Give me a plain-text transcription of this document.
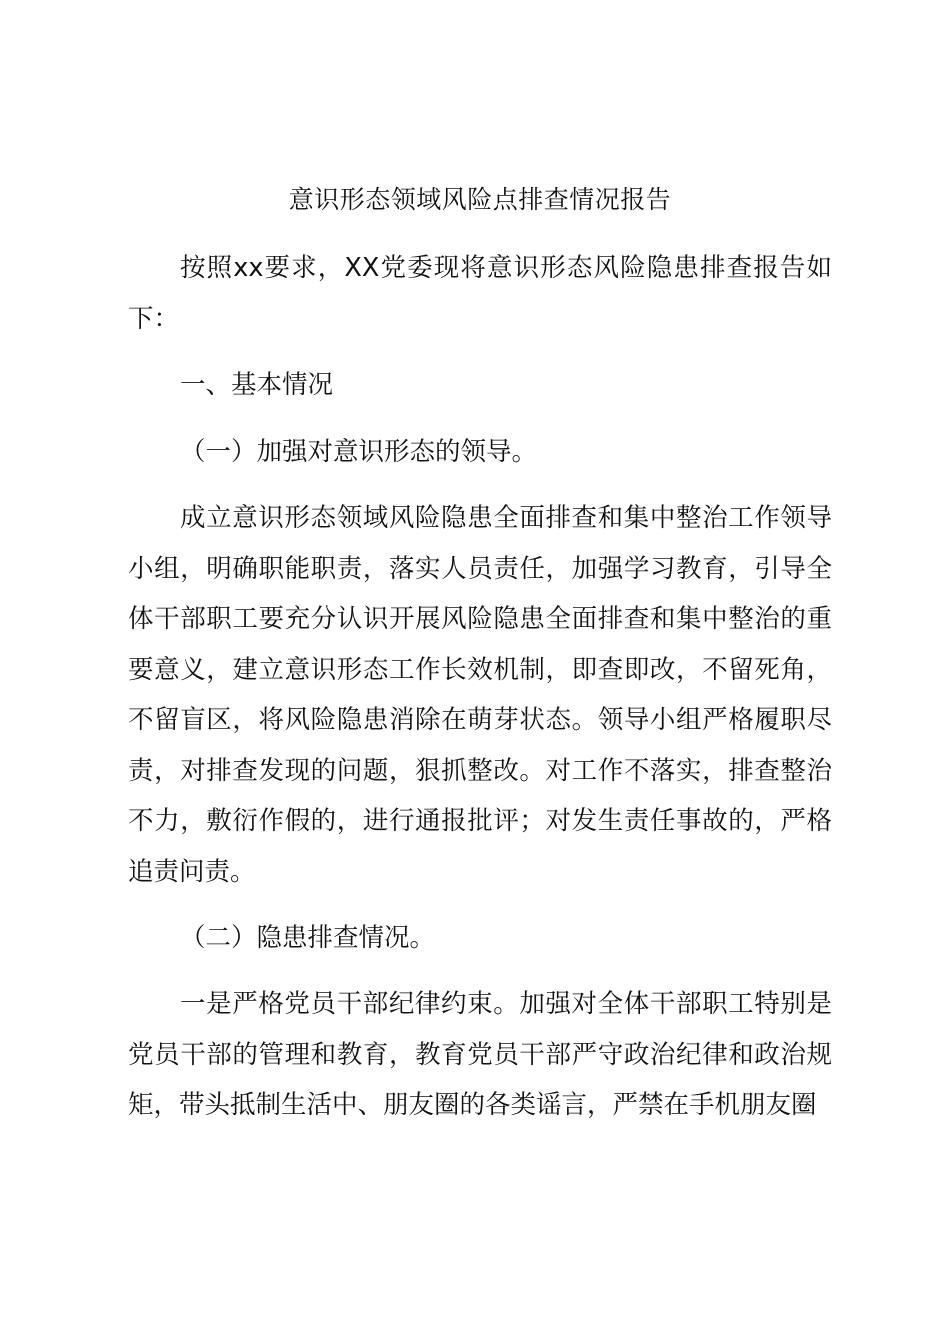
意识形态领域风险点排查情况报告

按照xx要求，XX党委现将意识形态风险隐患排查报告如下：

一、基本情况

（一）加强对意识形态的领导。

成立意识形态领域风险隐患全面排查和集中整治工作领导小组，明确职能职责，落实人员责任，加强学习教育，引导全体干部职工要充分认识开展风险隐患全面排查和集中整治的重要意义，建立意识形态工作长效机制，即查即改，不留死角，不留盲区，将风险隐患消除在萌芽状态。领导小组严格履职尽责，对排查发现的问题，狠抓整改。对工作不落实，排查整治不力，敷衍作假的，进行通报批评；对发生责任事故的，严格追责问责。

（二）隐患排查情况。

一是严格党员干部纪律约束。加强对全体干部职工特别是党员干部的管理和教育，教育党员干部严守政治纪律和政治规矩，带头抵制生活中、朋友圈的各类谣言，严禁在手机朋友圈
